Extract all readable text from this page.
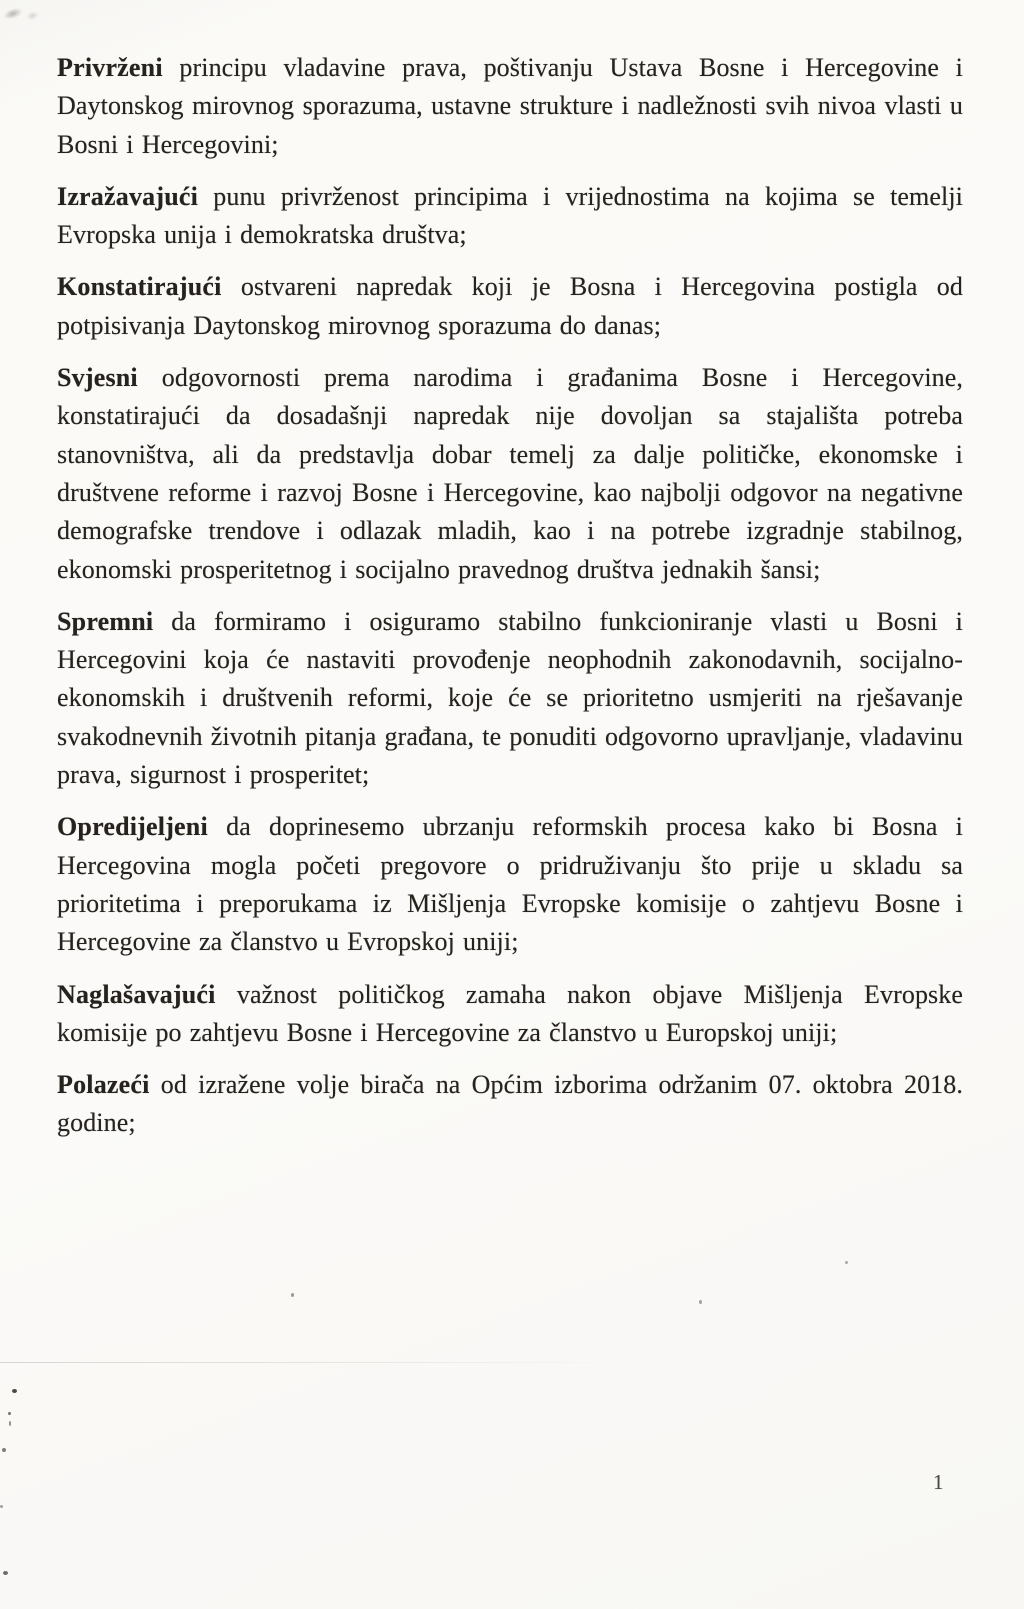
Privrženi principu vladavine prava, poštivanju Ustava Bosne i Hercegovine i Daytonskog mirovnog sporazuma, ustavne strukture i nadležnosti svih nivoa vlasti u Bosni i Hercegovini;

Izražavajući punu privrženost principima i vrijednostima na kojima se temelji Evropska unija i demokratska društva;

Konstatirajući ostvareni napredak koji je Bosna i Hercegovina postigla od potpisivanja Daytonskog mirovnog sporazuma do danas;

Svjesni odgovornosti prema narodima i građanima Bosne i Hercegovine, konstatirajući da dosadašnji napredak nije dovoljan sa stajališta potreba stanovništva, ali da predstavlja dobar temelj za dalje političke, ekonomske i društvene reforme i razvoj Bosne i Hercegovine, kao najbolji odgovor na negativne demografske trendove i odlazak mladih, kao i na potrebe izgradnje stabilnog, ekonomski prosperitetnog i socijalno pravednog društva jednakih šansi;

Spremni da formiramo i osiguramo stabilno funkcioniranje vlasti u Bosni i Hercegovini koja će nastaviti provođenje neophodnih zakonodavnih, socijalno-ekonomskih i društvenih reformi, koje će se prioritetno usmjeriti na rješavanje svakodnevnih životnih pitanja građana, te ponuditi odgovorno upravljanje, vladavinu prava, sigurnost i prosperitet;

Opredijeljeni da doprinesemo ubrzanju reformskih procesa kako bi Bosna i Hercegovina mogla početi pregovore o pridruživanju što prije u skladu sa prioritetima i preporukama iz Mišljenja Evropske komisije o zahtjevu Bosne i Hercegovine za članstvo u Evropskoj uniji;

Naglašavajući važnost političkog zamaha nakon objave Mišljenja Evropske komisije po zahtjevu Bosne i Hercegovine za članstvo u Europskoj uniji;

Polazeći od izražene volje birača na Općim izborima održanim 07. oktobra 2018. godine;

1
